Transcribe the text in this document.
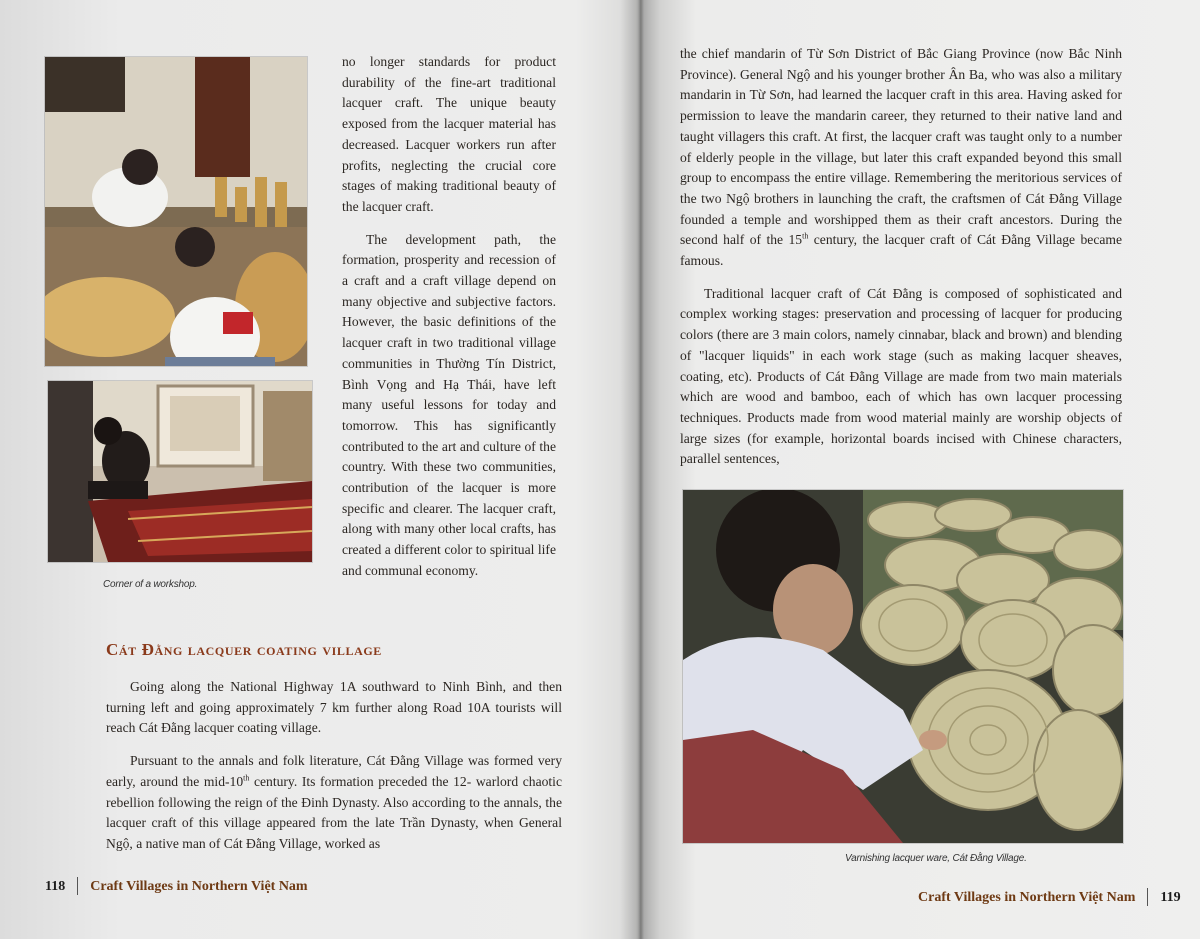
Corner of a workshop.

no longer standards for product durability of the fine-art traditional lacquer craft. The unique beauty exposed from the lacquer material has decreased. Lacquer workers run after profits, neglecting the crucial core stages of making traditional beauty of the lacquer craft.

The development path, the formation, prosperity and recession of a craft and a craft village depend on many objective and subjective factors. However, the basic definitions of the lacquer craft in two traditional village communities in Thường Tín District, Bình Vọng and Hạ Thái, have left many useful lessons for today and tomorrow. This has significantly contributed to the art and culture of the country. With these two communities, contribution of the lacquer is more specific and clearer. The lacquer craft, along with many other local crafts, has created a different color to spiritual life and communal economy.

Cát Đằng lacquer coating village

Going along the National Highway 1A southward to Ninh Bình, and then turning left and going approximately 7 km further along Road 10A tourists will reach Cát Đằng lacquer coating village.

Pursuant to the annals and folk literature, Cát Đằng Village was formed very early, around the mid-10th century. Its formation preceded the 12- warlord chaotic rebellion following the reign of the Đinh Dynasty. Also according to the annals, the lacquer craft of this village appeared from the late Trần Dynasty, when General Ngộ, a native man of Cát Đằng Village, worked as

118 Craft Villages in Northern Việt Nam

the chief mandarin of Từ Sơn District of Bắc Giang Province (now Bắc Ninh Province). General Ngộ and his younger brother Ân Ba, who was also a military mandarin in Từ Sơn, had learned the lacquer craft in this area. Having asked for permission to leave the mandarin career, they returned to their native land and taught villagers this craft. At first, the lacquer craft was taught only to a number of elderly people in the village, but later this craft expanded beyond this small group to encompass the entire village. Remembering the meritorious services of the two Ngộ brothers in launching the craft, the craftsmen of Cát Đằng Village founded a temple and worshipped them as their craft ancestors. During the second half of the 15th century, the lacquer craft of Cát Đằng Village became famous.

Traditional lacquer craft of Cát Đằng is composed of sophisticated and complex working stages: preservation and processing of lacquer for producing colors (there are 3 main colors, namely cinnabar, black and brown) and blending of "lacquer liquids" in each work stage (such as making lacquer sheaves, coating, etc). Products of Cát Đằng Village are made from two main materials which are wood and bamboo, each of which has own lacquer processing techniques. Products made from wood material mainly are worship objects of large sizes (for example, horizontal boards incised with Chinese characters, parallel sentences,

Varnishing lacquer ware, Cát Đằng Village.
Craft Villages in Northern Việt Nam 119
